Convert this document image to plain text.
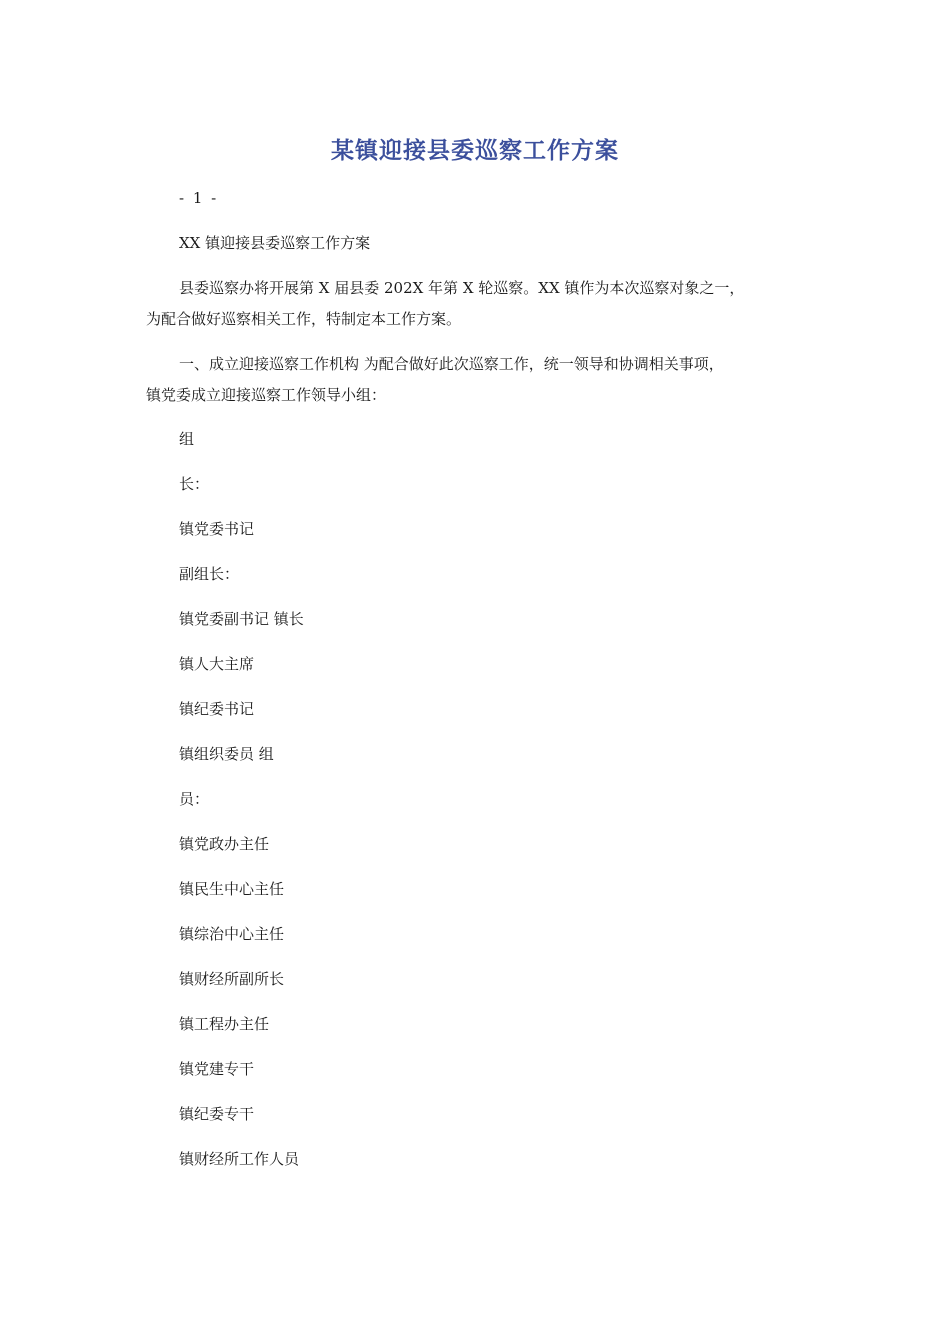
某镇迎接县委巡察工作方案
- 1 -
XX 镇迎接县委巡察工作方案
县委巡察办将开展第 X 届县委 202X 年第 X 轮巡察。XX 镇作为本次巡察对象之一，
为配合做好巡察相关工作，特制定本工作方案。
一、成立迎接巡察工作机构 为配合做好此次巡察工作，统一领导和协调相关事项，
镇党委成立迎接巡察工作领导小组：
组
长：
镇党委书记
副组长：
镇党委副书记 镇长
镇人大主席
镇纪委书记
镇组织委员 组
员：
镇党政办主任
镇民生中心主任
镇综治中心主任
镇财经所副所长
镇工程办主任
镇党建专干
镇纪委专干
镇财经所工作人员
